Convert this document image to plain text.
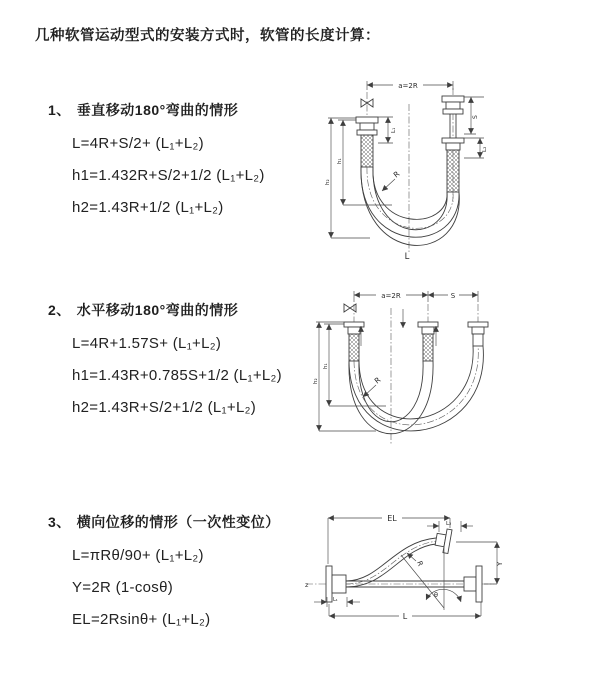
几种软管运动型式的安装方式时，软管的长度计算：
1、 垂直移动180°弯曲的情形
L=4R+S/2+ (L₁+L₂)
h1=1.432R+S/2+1/2 (L₁+L₂)
h2=1.43R+1/2 (L₁+L₂)
2、 水平移动180°弯曲的情形
L=4R+1.57S+ (L₁+L₂)
h1=1.43R+0.785S+1/2 (L₁+L₂)
h2=1.43R+S/2+1/2 (L₁+L₂)
3、 横向位移的情形（一次性变位）
L=πRθ/90+ (L₁+L₂)
Y=2R (1-cosθ)
EL=2Rsinθ+ (L₁+L₂)
a=2R
L₁
S
L₂
h₁
h₂
R
L
a=2R	S
h₁
h₂	R
z
θ
R
EL
L₂
Y
L
L₁
